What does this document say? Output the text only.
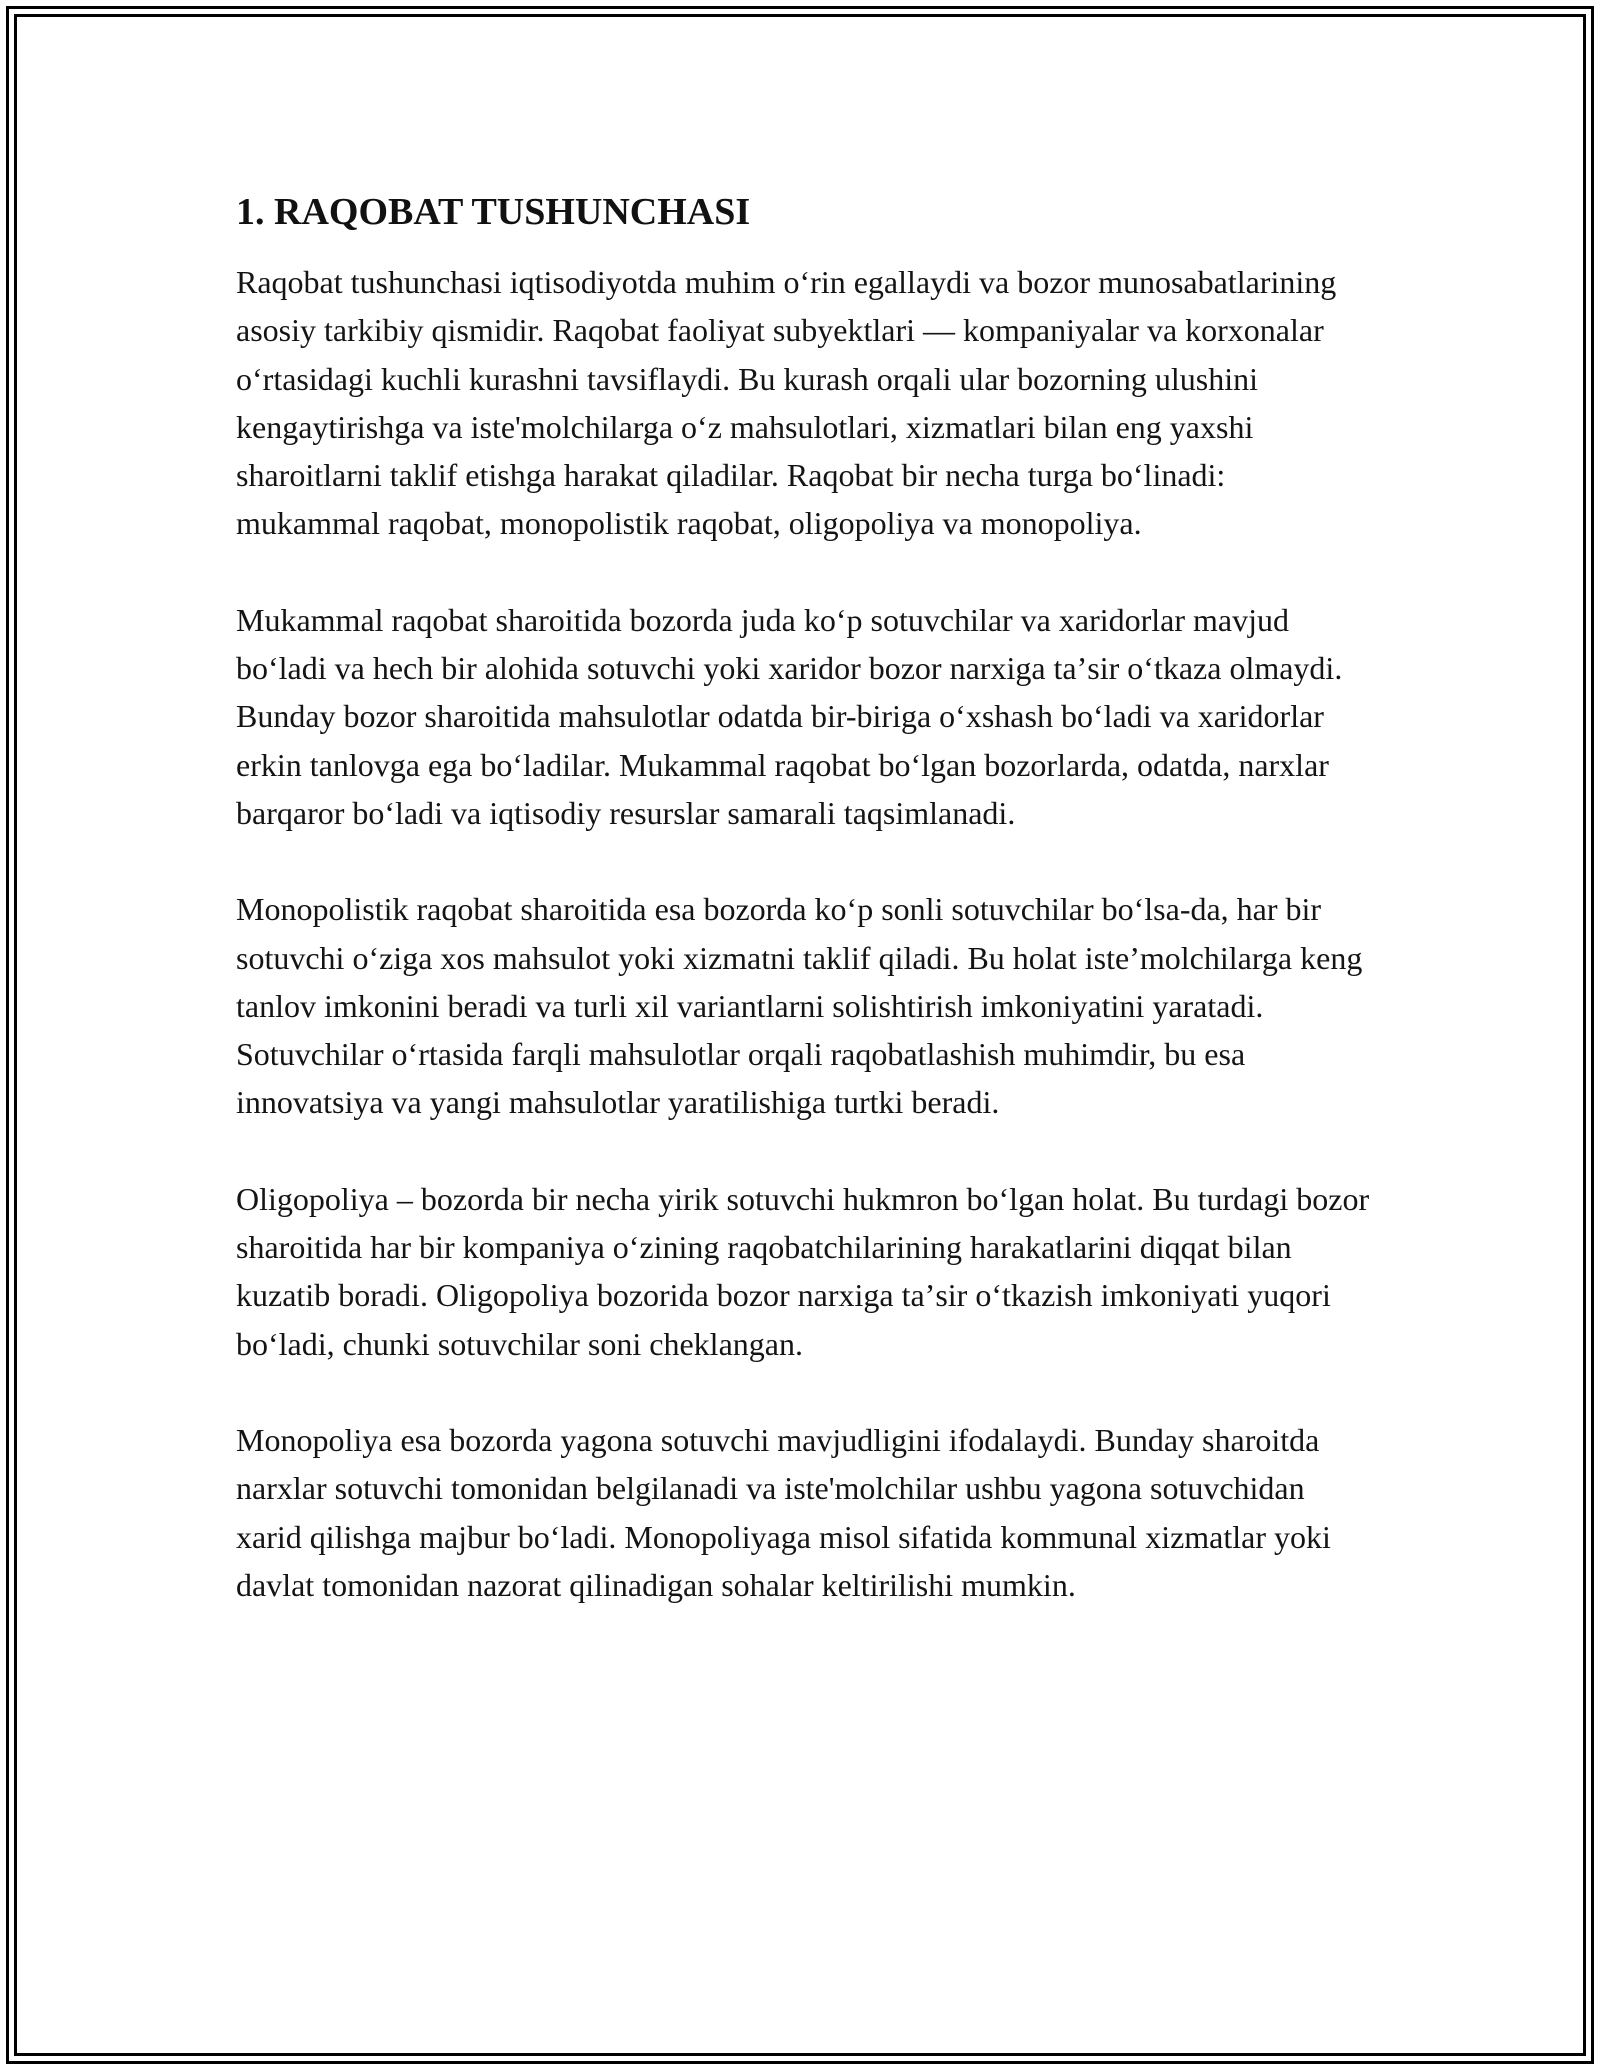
1. RAQOBAT TUSHUNCHASI

Raqobat tushunchasi iqtisodiyotda muhim oʻrin egallaydi va bozor munosabatlarining asosiy tarkibiy qismidir. Raqobat faoliyat subyektlari — kompaniyalar va korxonalar oʻrtasidagi kuchli kurashni tavsiflaydi. Bu kurash orqali ular bozorning ulushini kengaytirishga va iste'molchilarga oʻz mahsulotlari, xizmatlari bilan eng yaxshi sharoitlarni taklif etishga harakat qiladilar. Raqobat bir necha turga boʻlinadi: mukammal raqobat, monopolistik raqobat, oligopoliya va monopoliya.

Mukammal raqobat sharoitida bozorda juda koʻp sotuvchilar va xaridorlar mavjud boʻladi va hech bir alohida sotuvchi yoki xaridor bozor narxiga taʼsir oʻtkaza olmaydi. Bunday bozor sharoitida mahsulotlar odatda bir-biriga oʻxshash boʻladi va xaridorlar erkin tanlovga ega boʻladilar. Mukammal raqobat boʻlgan bozorlarda, odatda, narxlar barqaror boʻladi va iqtisodiy resurslar samarali taqsimlanadi.

Monopolistik raqobat sharoitida esa bozorda koʻp sonli sotuvchilar boʻlsa-da, har bir sotuvchi oʻziga xos mahsulot yoki xizmatni taklif qiladi. Bu holat isteʼmolchilarga keng tanlov imkonini beradi va turli xil variantlarni solishtirish imkoniyatini yaratadi. Sotuvchilar oʻrtasida farqli mahsulotlar orqali raqobatlashish muhimdir, bu esa innovatsiya va yangi mahsulotlar yaratilishiga turtki beradi.

Oligopoliya – bozorda bir necha yirik sotuvchi hukmron boʻlgan holat. Bu turdagi bozor sharoitida har bir kompaniya oʻzining raqobatchilarining harakatlarini diqqat bilan kuzatib boradi. Oligopoliya bozorida bozor narxiga taʼsir oʻtkazish imkoniyati yuqori boʻladi, chunki sotuvchilar soni cheklangan.

Monopoliya esa bozorda yagona sotuvchi mavjudligini ifodalaydi. Bunday sharoitda narxlar sotuvchi tomonidan belgilanadi va iste'molchilar ushbu yagona sotuvchidan xarid qilishga majbur boʻladi. Monopoliyaga misol sifatida kommunal xizmatlar yoki davlat tomonidan nazorat qilinadigan sohalar keltirilishi mumkin.
